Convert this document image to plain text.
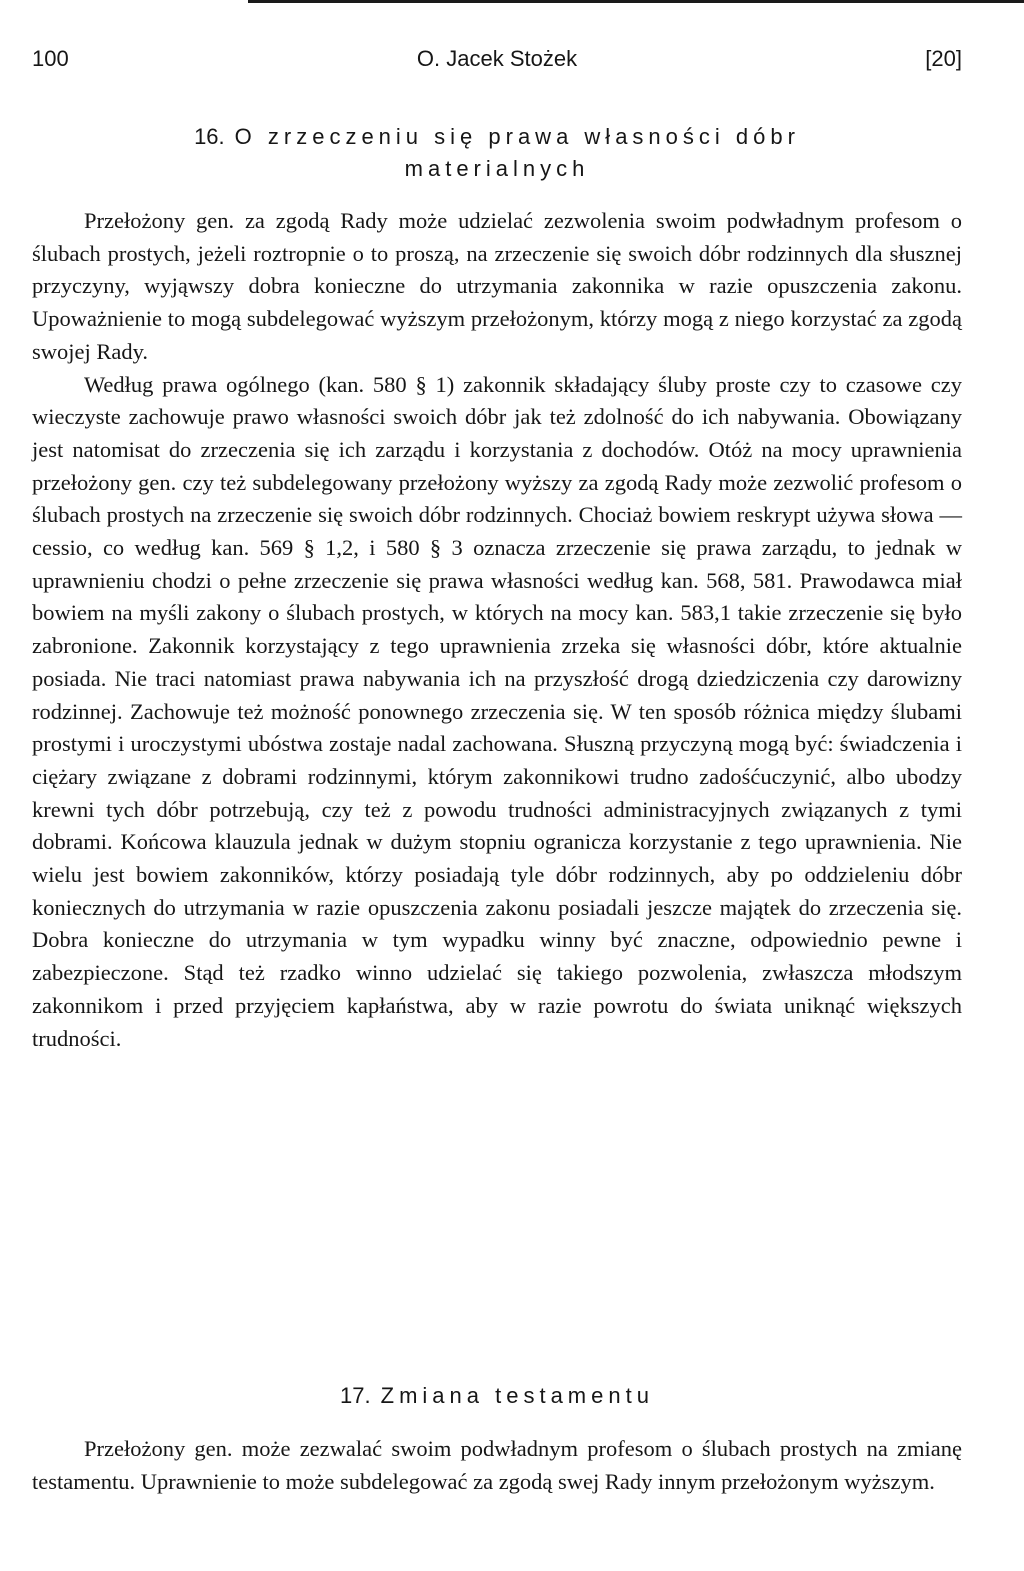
100	O. Jacek Stożek	[20]
16. O zrzeczeniu się prawa własności dóbr
materialnych

Przełożony gen. za zgodą Rady może udzielać zezwolenia swoim podwładnym profesom o ślubach prostych, jeżeli roztropnie o to proszą, na zrzeczenie się swoich dóbr rodzinnych dla słusznej przyczyny, wyjąwszy dobra konieczne do utrzymania zakonnika w razie opuszczenia zakonu. Upoważnienie to mogą subdelegować wyższym przełożonym, którzy mogą z niego korzystać za zgodą swojej Rady.

Według prawa ogólnego (kan. 580 § 1) zakonnik składający śluby proste czy to czasowe czy wieczyste zachowuje prawo własności swoich dóbr jak też zdolność do ich nabywania. Obowiązany jest natomisat do zrzeczenia się ich zarządu i korzystania z dochodów. Otóż na mocy uprawnienia przełożony gen. czy też subdelegowany przełożony wyższy za zgodą Rady może zezwolić profesom o ślubach prostych na zrzeczenie się swoich dóbr rodzinnych. Chociaż bowiem reskrypt używa słowa — cessio, co według kan. 569 § 1,2, i 580 § 3 oznacza zrzeczenie się prawa zarządu, to jednak w uprawnieniu chodzi o pełne zrzeczenie się prawa własności według kan. 568, 581. Prawodawca miał bowiem na myśli zakony o ślubach prostych, w których na mocy kan. 583,1 takie zrzeczenie się było zabronione. Zakonnik korzystający z tego uprawnienia zrzeka się własności dóbr, które aktualnie posiada. Nie traci natomiast prawa nabywania ich na przyszłość drogą dziedziczenia czy darowizny rodzinnej. Zachowuje też możność ponownego zrzeczenia się. W ten sposób różnica między ślubami prostymi i uroczystymi ubóstwa zostaje nadal zachowana. Słuszną przyczyną mogą być: świadczenia i ciężary związane z dobrami rodzinnymi, którym zakonnikowi trudno zadośćuczynić, albo ubodzy krewni tych dóbr potrzebują, czy też z powodu trudności administracyjnych związanych z tymi dobrami. Końcowa klauzula jednak w dużym stopniu ogranicza korzystanie z tego uprawnienia. Nie wielu jest bowiem zakonników, którzy posiadają tyle dóbr rodzinnych, aby po oddzieleniu dóbr koniecznych do utrzymania w razie opuszczenia zakonu posiadali jeszcze majątek do zrzeczenia się. Dobra konieczne do utrzymania w tym wypadku winny być znaczne, odpowiednio pewne i zabezpieczone. Stąd też rzadko winno udzielać się takiego pozwolenia, zwłaszcza młodszym zakonnikom i przed przyjęciem kapłaństwa, aby w razie powrotu do świata uniknąć większych trudności.

17. Zmiana testamentu

Przełożony gen. może zezwalać swoim podwładnym profesom o ślubach prostych na zmianę testamentu. Uprawnienie to może subdelegować za zgodą swej Rady innym przełożonym wyższym.
